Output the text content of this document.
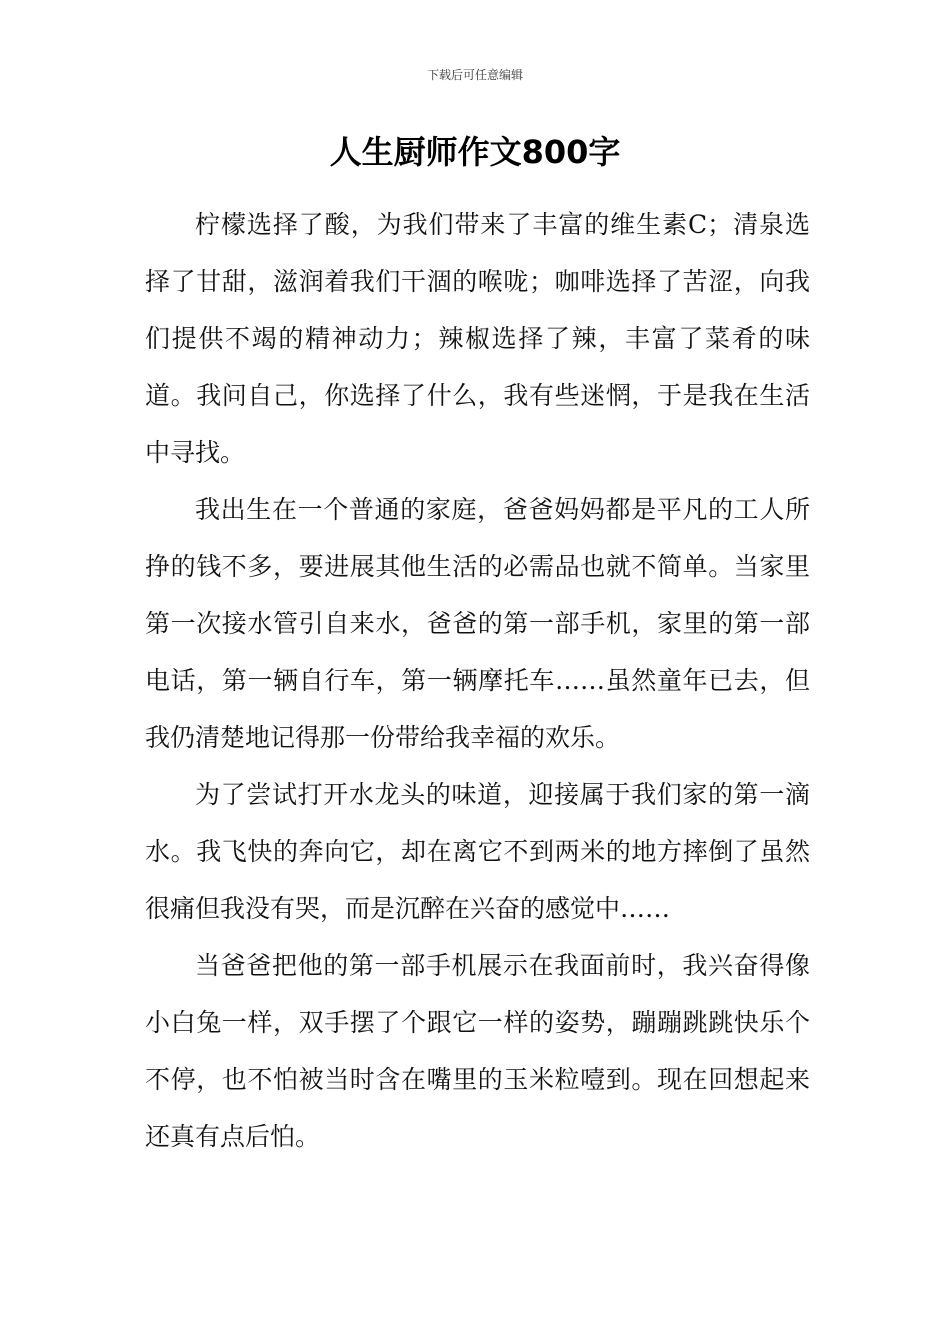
下载后可任意编辑
人生厨师作文800字

柠檬选择了酸，为我们带来了丰富的维生素C；清泉选择了甘甜，滋润着我们干涸的喉咙；咖啡选择了苦涩，向我们提供不竭的精神动力；辣椒选择了辣，丰富了菜肴的味道。我问自己，你选择了什么，我有些迷惘，于是我在生活中寻找。

我出生在一个普通的家庭，爸爸妈妈都是平凡的工人所挣的钱不多，要进展其他生活的必需品也就不简单。当家里第一次接水管引自来水，爸爸的第一部手机，家里的第一部电话，第一辆自行车，第一辆摩托车……虽然童年已去，但我仍清楚地记得那一份带给我幸福的欢乐。

为了尝试打开水龙头的味道，迎接属于我们家的第一滴水。我飞快的奔向它，却在离它不到两米的地方摔倒了虽然很痛但我没有哭，而是沉醉在兴奋的感觉中……

当爸爸把他的第一部手机展示在我面前时，我兴奋得像小白兔一样，双手摆了个跟它一样的姿势，蹦蹦跳跳快乐个不停，也不怕被当时含在嘴里的玉米粒噎到。现在回想起来还真有点后怕。
